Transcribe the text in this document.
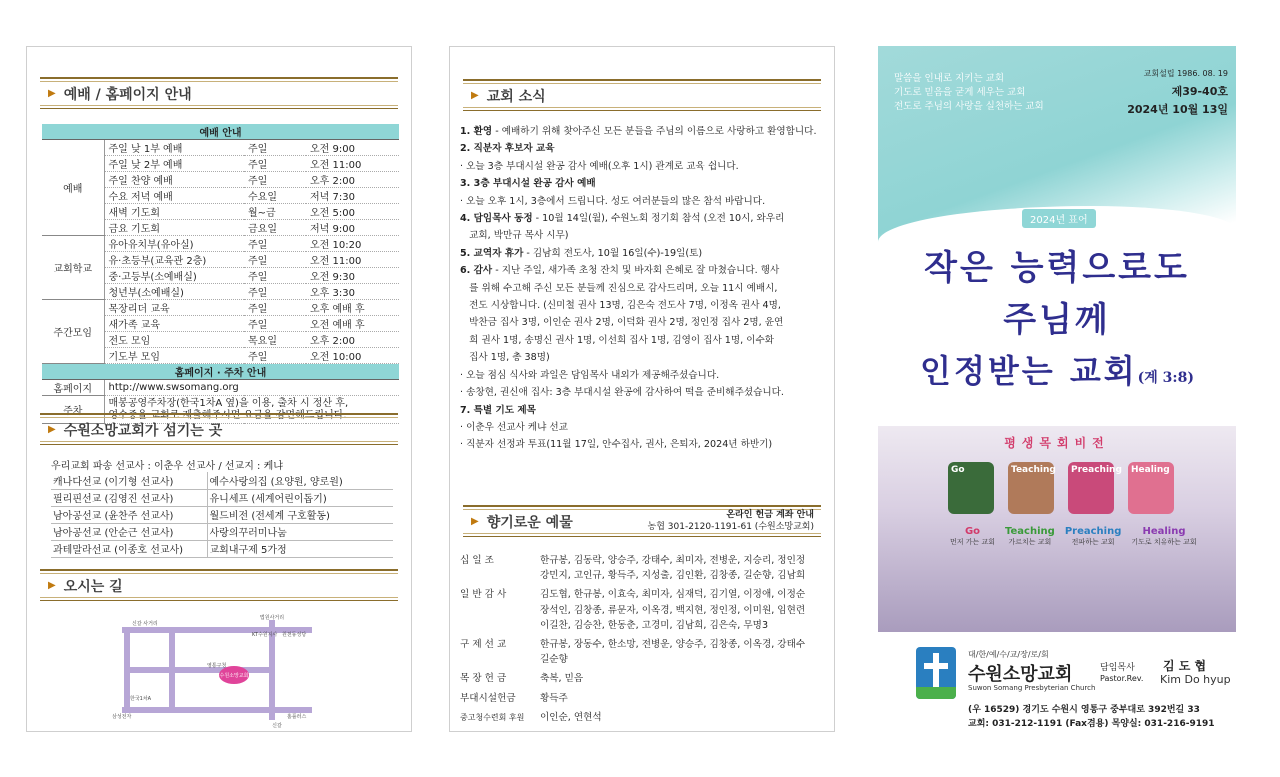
▶ 예배 / 홈페이지 안내
예배 안내			
예배	주일 낮 1부 예배	주일	오전 9:00
	주일 낮 2부 예배	주일	오전 11:00
	주일 찬양 예배	주일	오후 2:00
	수요 저녁 예배	수요일	저녁 7:30
	새벽 기도회	월~금	오전 5:00
	금요 기도회	금요일	저녁 9:00
교회학교	유아유치부(유아실)	주일	오전 10:20
	유·초등부(교육관 2층)	주일	오전 11:00
	중·고등부(소예배실)	주일	오전 9:30
	청년부(소예배실)	주일	오후 3:30
주간모임	목장리더 교육	주일	오후 예배 후
	새가족 교육	주일	오전 예배 후
	전도 모임	목요일	오후 2:00
	기도부 모임	주일	오전 10:00
홈페이지 · 주차 안내			
홈페이지	http://www.swsomang.org		
주차	매봉공영주차장(한국1차A 옆)을 이용, 출차 시 정산 후,
영수증을 교회로 제출해주시면 요금을 감면해드립니다.		
▶ 수원소망교회가 섬기는 곳
우리교회 파송 선교사 : 이춘우 선교사 / 선교지 : 케냐
캐나다선교 (이기형 선교사)	예수사랑의집 (요양원, 양로원)
필리핀선교 (김영진 선교사)	유니세프 (세계어린이돕기)
남아공선교 (윤찬주 선교사)	월드비전 (전세계 구호활동)
남아공선교 (안순근 선교사)	사랑의꾸러미나눔
과테말라선교 (이종호 선교사)	교회내구제 5가정
▶ 오시는 길
수원소망교회
법원사거리
신갈
KT수원지사 원천동성당
영통구청
한국1차A
삼성전자	홈플러스
신갈 사거리
▶ 교회 소식
1. 환영 - 예배하기 위해 찾아주신 모든 분들을 주님의 이름으로 사랑하고 환영합니다.
2. 직분자 후보자 교육
· 오늘 3층 부대시설 완공 감사 예배(오후 1시) 관계로 교육 쉽니다.
3. 3층 부대시설 완공 감사 예배
· 오늘 오후 1시, 3층에서 드립니다. 성도 여러분들의 많은 참석 바랍니다.
4. 담임목사 동정 - 10월 14일(월), 수원노회 정기회 참석 (오전 10시, 와우리
교회, 박만규 목사 시무)
5. 교역자 휴가 - 김남희 전도사, 10월 16일(수)-19일(토)
6. 감사 - 지난 주일, 새가족 초청 잔치 및 바자회 은혜로 잘 마쳤습니다. 행사
를 위해 수고해 주신 모든 분들께 진심으로 감사드리며, 오늘 11시 예배시,
전도 시상합니다. (신미철 권사 13명, 김은숙 전도사 7명, 이정옥 권사 4명,
박찬금 집사 3명, 이인순 권사 2명, 이덕화 권사 2명, 정인정 집사 2명, 윤연
희 권사 1명, 송명신 권사 1명, 이선희 집사 1명, 김영이 집사 1명, 이수화
집사 1명, 총 38명)
· 오늘 점심 식사와 과일은 담임목사 내외가 제공해주셨습니다.
· 송창현, 권신애 집사: 3층 부대시설 완공에 감사하여 떡을 준비해주셨습니다.
7. 특별 기도 제목
· 이춘우 선교사 케냐 선교
· 직분자 선정과 투표(11월 17일, 안수집사, 권사, 은퇴자, 2024년 하반기)
▶ 향기로운 예물	온라인 헌금 계좌 안내
농협 301-2120-1191-61 (수원소망교회)
십 일 조	한규봉, 김동락, 양승주, 강태수, 최미자, 전병운, 지승리, 정인정
강민지, 고인규, 황득주, 지성출, 김인환, 김창종, 길순향, 김남희
일 반 감 사	김도협, 한규봉, 이효숙, 최미자, 심재덕, 김기열, 이정애, 이정순
장석인, 김창종, 류문자, 이옥경, 백지현, 정인정, 이미원, 임현련
이길찬, 김승찬, 한동춘, 고경미, 김남희, 김은숙, 무명3
구 제 선 교	한규봉, 장동수, 한소망, 전병운, 양승주, 김창종, 이옥경, 강태수
길순향
목 장 헌 금	축복, 믿음
부대시설헌금	황득주
중고청수련회 후원	이인순, 연현석
말씀을 인내로 지키는 교회
기도로 믿음을 굳게 세우는 교회
전도로 주님의 사랑을 실천하는 교회
교회설립 1986. 08. 19
제39-40호
2024년 10월 13일
2024년 표어
작은 능력으로도
주님께
인정받는 교회(계 3:8)
평생목회비전
Go	Teaching	Preaching	Healing
Go
먼저 가는 교회
Teaching
가르치는 교회
Preaching
전파하는 교회
Healing
기도로 치유하는 교회
대/한/예/수/교/장/로/회
수원소망교회
Suwon Somang Presbyterian Church
담임목사
Pastor.Rev.
김 도 협
Kim Do hyup
(우 16529) 경기도 수원시 영통구 중부대로 392번길 33
교회: 031-212-1191 (Fax겸용) 목양실: 031-216-9191
